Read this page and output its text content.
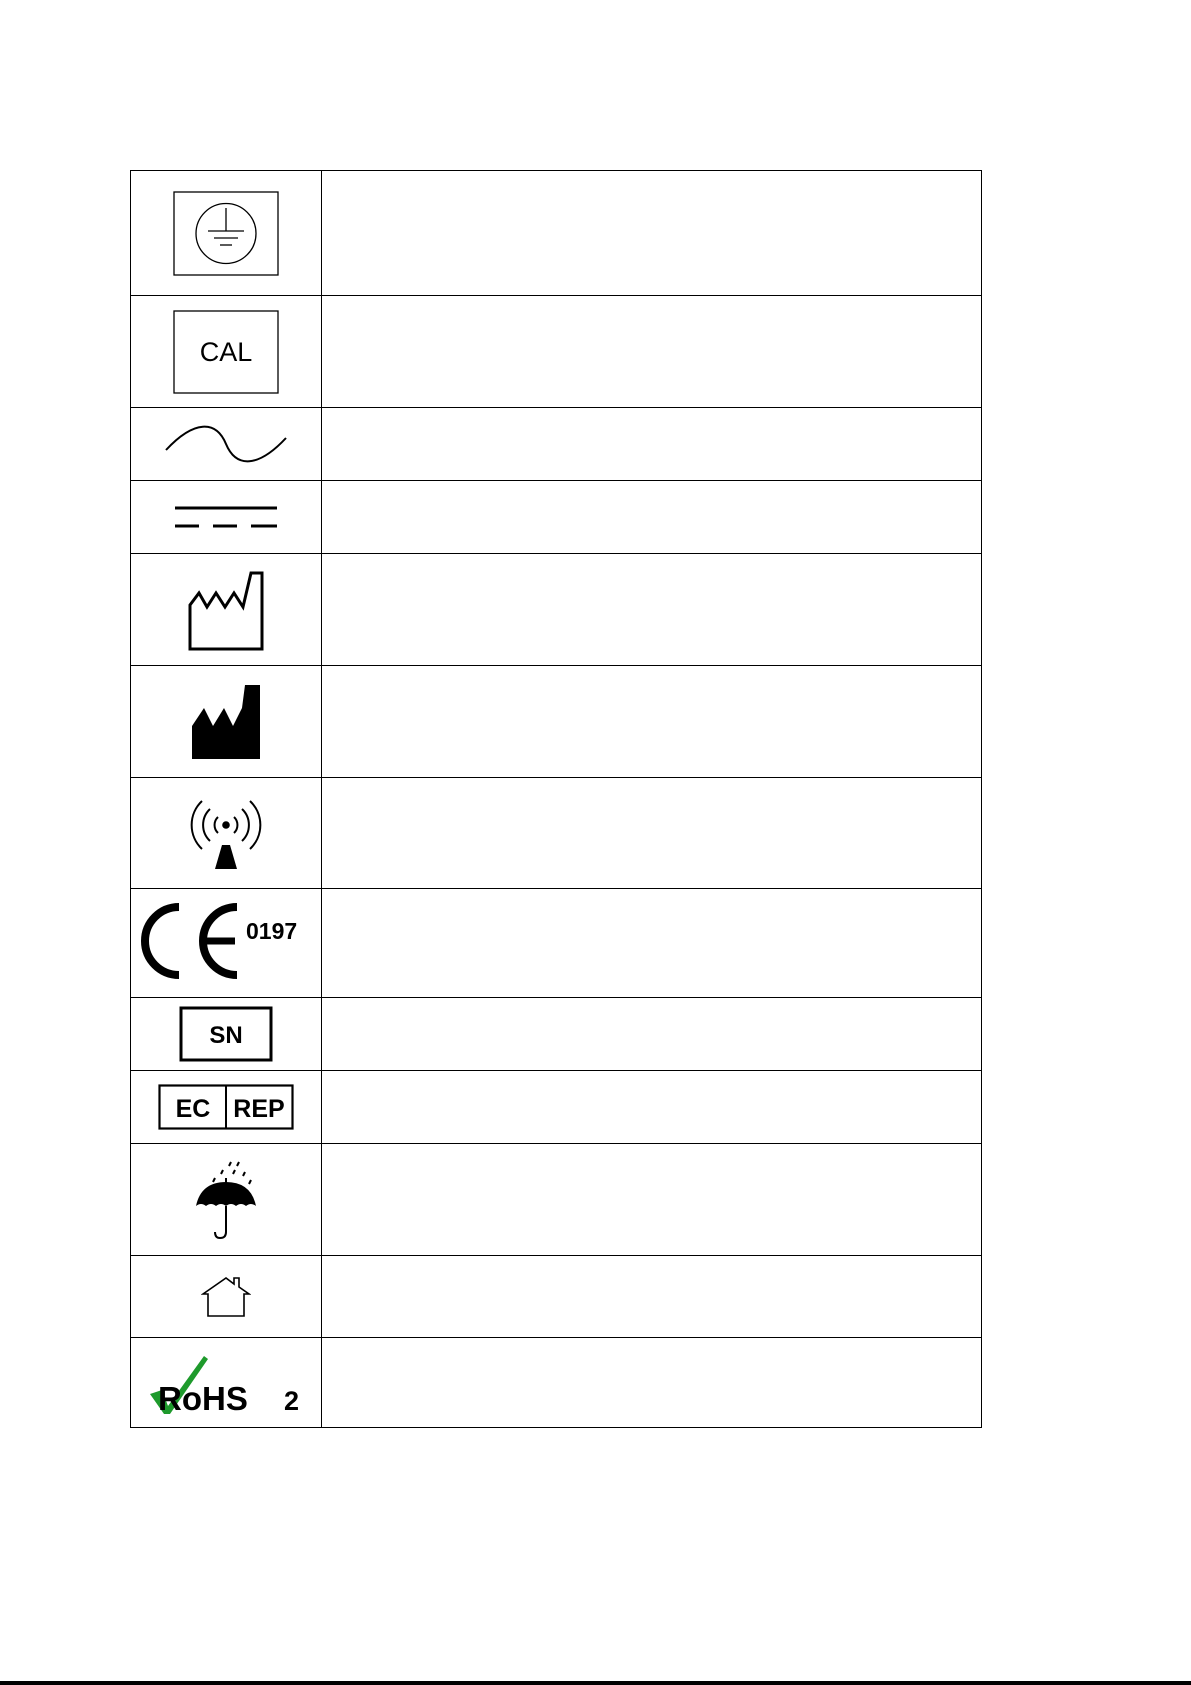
CAL	

0197	

SN	

EC REP	

RoHS 2	
